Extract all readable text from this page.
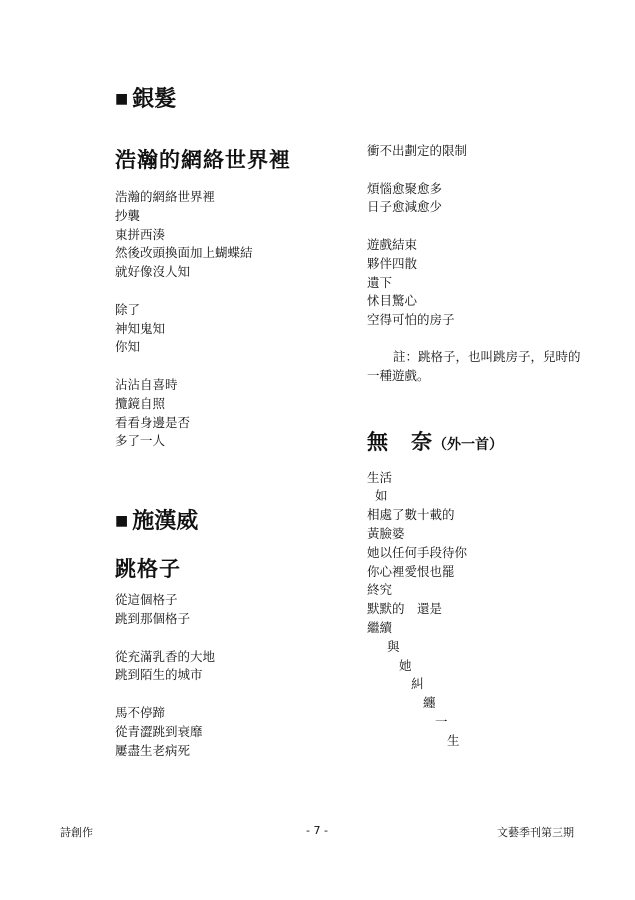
■ 銀髮
浩瀚的網絡世界裡
浩瀚的網絡世界裡
抄襲
東拼西湊
然後改頭換面加上蝴蝶結
就好像沒人知
除了
神知鬼知
你知
沾沾自喜時
攬鏡自照
看看身邊是否
多了一人
■ 施漢威
跳格子
從這個格子
跳到那個格子
從充滿乳香的大地
跳到陌生的城市
馬不停蹄
從青澀跳到衰靡
屢盡生老病死
衝不出劃定的限制
煩惱愈聚愈多
日子愈減愈少
遊戲結束
夥伴四散
遺下
怵目驚心
空得可怕的房子
註：跳格子，也叫跳房子，兒時的一種遊戲。
無　奈（外一首）
生活
如
相處了數十載的
黃臉婆
她以任何手段待你
你心裡愛恨也罷
終究
默默的　還是
繼續
與
她
糾
纏
一
生
詩創作	- 7 -	文藝季刊第三期
